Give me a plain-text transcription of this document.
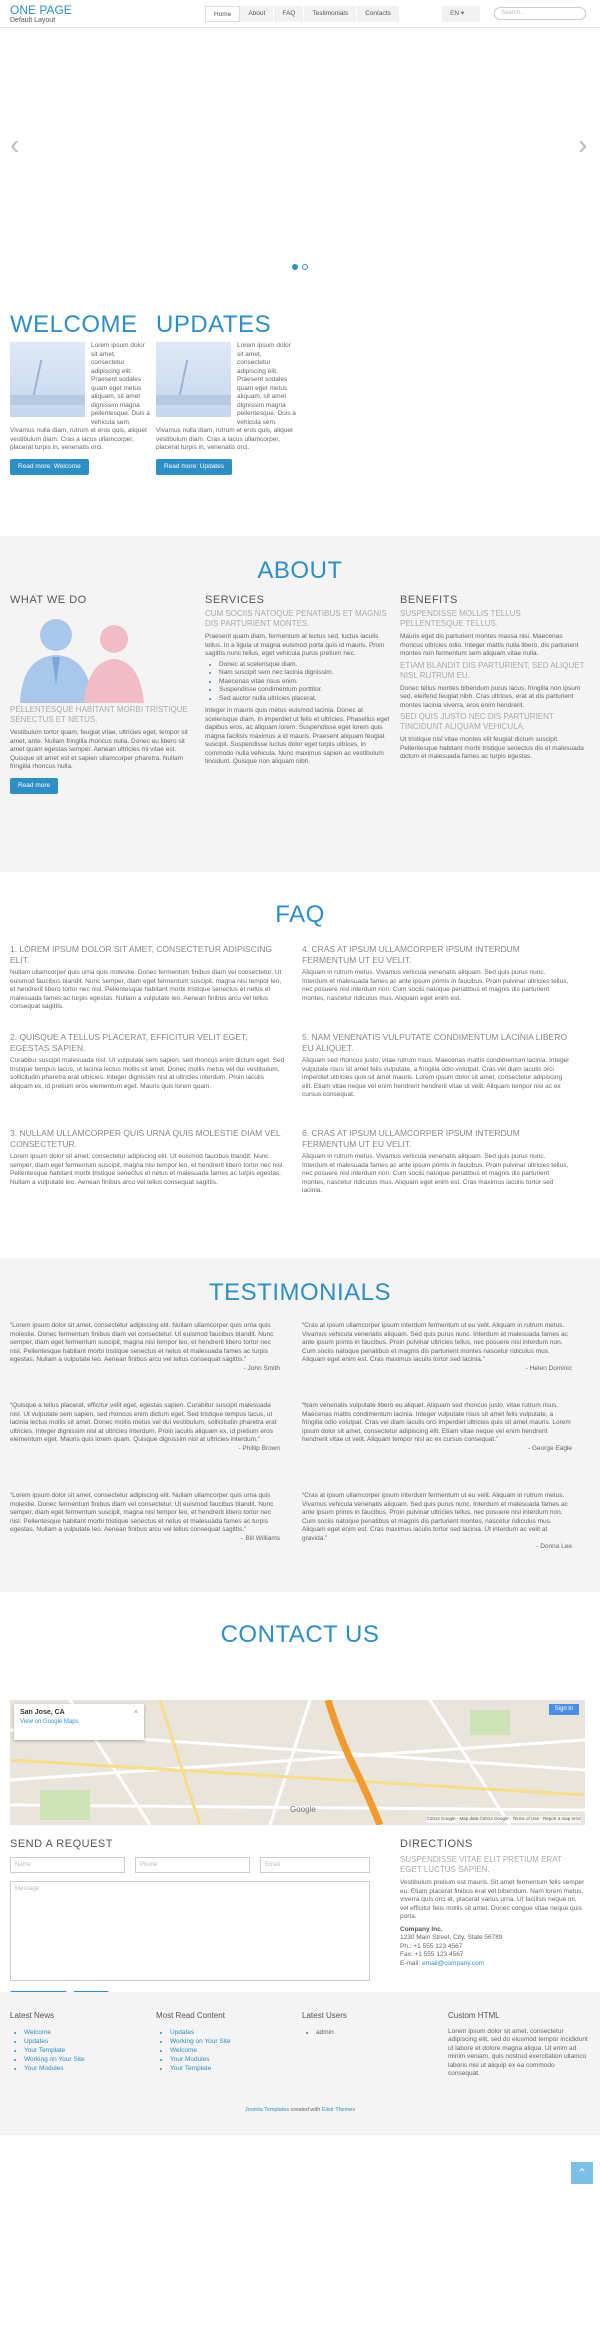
ONE PAGE
Default Layout
Home	About	FAQ	Testimonials	Contacts	EN ▾	Search...
‹	›
WELCOME
Lorem ipsum dolor sit amet, consectetur adipiscing elit. Praesent sodales quam eget metus aliquam, sit amet dignissim magna pellentesque. Duis a vehicula sem. Vivamus nulla diam, rutrum et eros quis, aliquet vestibulum diam. Cras a lacus ullamcorper, placerat turpis in, venenatis orci.
Read more: Welcome
UPDATES
Lorem ipsum dolor sit amet, consectetur adipiscing elit. Praesent sodales quam eget metus aliquam, sit amet dignissim magna pellentesque. Duis a vehicula sem. Vivamus nulla diam, rutrum et eros quis, aliquet vestibulum diam. Cras a lacus ullamcorper, placerat turpis in, venenatis orci.
Read more: Updates
ABOUT
WHAT WE DO
PELLENTESQUE HABITANT MORBI TRISTIQUE SENECTUS ET NETUS.
Vestibulum tortor quam, feugiat vitae, ultricies eget, tempor sit amet, ante. Nullam fringilla rhoncus nulla. Donec eu libero sit amet quam egestas semper. Aenean ultricies mi vitae est. Quisque sit amet est et sapien ullamcorper pharetra. Nullam fringilla rhoncus nulla.
Read more
SERVICES
CUM SOCIIS NATOQUE PENATIBUS ET MAGNIS DIS PARTURIENT MONTES.
Praesent quam diam, fermentum at lectus sed, luctus iaculis tellus. In a ligula ut magna euismod porta quis id mauris. Proin sagittis nunc tellus, eget vehicula purus pretium nec.
• Donec at scelerisque diam.
• Nam suscipit sem nec lacinia dignissim.
• Maecenas vitae risus enim.
• Suspendisse condimentum porttitor.
• Sed auctor nulla ultricies placerat.
Integer in mauris quis metus euismod lacinia. Donec at scelerisque diam. In imperdiet ut felis et ultricies. Phasellus eget dapibus eros, ac aliquam lorem. Suspendisse eget lorem quis magna facilisis maximus a id mauris. Praesent aliquam feugiat suscipit. Suspendisse luctus dolor eget turpis ultrices, in commodo nulla vehicula. Nunc maximus sapien ac vestibulum tincidunt. Quisque non aliquam nibh.
BENEFITS
SUSPENDISSE MOLLIS TELLUS PELLENTESQUE TELLUS.
Mauris eget dis parturient montes massa nisi. Maecenas rhoncus ultricies odio. Integer mattis nulla libero, dis parturient montes non fermentum sem aliquam vitae nulla.
ETIAM BLANDIT DIS PARTURIENT, SED ALIQUET NISL RUTRUM EU.
Donec tellus montes bibendum purus lacus, fringilla non ipsum sed, eleifend feugiat nibh. Cras ultrices, erat at dis parturient montes lacinia viverra, eros enim hendrerit.
SED QUIS JUSTO NEC DIS PARTURIENT TINCIDUNT ALIQUAM VEHICULA.
Ut tristique nisl vitae montes elit feugiat dictum suscipit. Pellentesque habitant morbi tristique senectus dis et malesuada dictum et malesuada fames ac turpis egestas.
FAQ
1. LOREM IPSUM DOLOR SIT AMET, CONSECTETUR ADIPISCING ELIT.
Nullam ullamcorper quis urna quis molestie. Donec fermentum finibus diam vel consectetur. Ut euismod faucibus blandit. Nunc semper, diam eget fermentum suscipit, magna nisi tempor leo, et hendrerit libero tortor nec nisl. Pellentesque habitant morbi tristique senectus et netus et malesuada fames ac turpis egestas. Nullam a vulputate leo. Aenean finibus arcu vel tellus consequat sagittis.
2. QUISQUE A TELLUS PLACERAT, EFFICITUR VELIT EGET, EGESTAS SAPIEN.
Curabitur suscipit malesuada nisl. Ut vulputate sem sapien, sed rhoncus enim dictum eget. Sed tristique tempus lacus, ut lacinia lectus mollis sit amet. Donec mollis metus vel dui vestibulum, sollicitudin pharetra erat ultricies. Integer dignissim nisl at ultricies interdum. Proin iaculis aliquam ex, id pretium eros elementum eget. Mauris quis lorem quam.
3. NULLAM ULLAMCORPER QUIS URNA QUIS MOLESTIE DIAM VEL CONSECTETUR.
Lorem ipsum dolor sit amet, consectetur adipiscing elit. Ut euismod faucibus blandit. Nunc semper, diam eget fermentum suscipit, magna nisi tempor leo, et hendrerit libero tortor nec nisl. Pellentesque habitant morbi tristique senectus et netus et malesuada fames ac turpis egestas. Nullam a vulputate leo. Aenean finibus arcu vel tellus consequat sagittis.
4. CRAS AT IPSUM ULLAMCORPER IPSUM INTERDUM FERMENTUM UT EU VELIT.
Aliquam in rutrum metus. Vivamus vehicula venenatis aliquam. Sed quis purus nunc. Interdum et malesuada fames ac ante ipsum primis in faucibus. Proin pulvinar ultricies tellus, nec posuere nisl interdum non. Cum sociis natoque penatibus et magnis dis parturient montes, nascetur ridiculus mus. Aliquam eget enim est.
5. NAM VENENATIS VULPUTATE CONDIMENTUM LACINIA LIBERO EU ALIQUET.
Aliquam sed rhoncus justo, vitae rutrum risus. Maecenas mattis condimentum lacinia. Integer vulputate risus sit amet felis vulputate, a fringilla odio volutpat. Cras vel diam iaculis orci imperdiet ultricies quis sit amet mauris. Lorem ipsum dolor sit amet, consectetur adipiscing elit. Etiam vitae neque vel enim hendrerit hendrerit vitae ut velit. Aliquam tempor nisl ac ex cursus consequat.
6. CRAS AT IPSUM ULLAMCORPER IPSUM INTERDUM FERMENTUM UT EU VELIT.
Aliquam in rutrum metus. Vivamus vehicula venenatis aliquam. Sed quis purus nunc. Interdum et malesuada fames ac ante ipsum primis in faucibus. Proin pulvinar ultricies tellus, nec posuere nisl interdum non. Cum sociis natoque penatibus et magnis dis parturient montes, nascetur ridiculus mus. Aliquam eget enim est. Cras maximus iaculis tortor sed lacinia.
TESTIMONIALS
“Lorem ipsum dolor sit amet, consectetur adipiscing elit. Nullam ullamcorper quis urna quis molestie. Donec fermentum finibus diam vel consectetur. Ut euismod faucibus blandit. Nunc semper, diam eget fermentum suscipit, magna nisi tempor leo, et hendrerit libero tortor nec nisl. Pellentesque habitant morbi tristique senectus et netus et malesuada fames ac turpis egestas. Nullam a vulputate leo. Aenean finibus arcu vel tellus consequat sagittis.”
- John Smith
“Quisque a tellus placerat, efficitur velit eget, egestas sapien. Curabitur suscipit malesuada nisl. Ut vulputate sem sapien, sed rhoncus enim dictum eget. Sed tristique tempus lacus, ut lacinia lectus mollis sit amet. Donec mollis metus vel dui vestibulum, sollicitudin pharetra erat ultricies. Integer dignissim nisl at ultricies interdum. Proin iaculis aliquam ex, id pretium eros elementum eget. Mauris quis lorem quam. Quisque dignissim nisl at ultricies interdum.”
- Phillip Brown
“Lorem ipsum dolor sit amet, consectetur adipiscing elit. Nullam ullamcorper quis urna quis molestie. Donec fermentum finibus diam vel consectetur. Ut euismod faucibus blandit. Nunc semper, diam eget fermentum suscipit, magna nisi tempor leo, et hendrerit libero tortor nec nisl. Pellentesque habitant morbi tristique senectus et netus et malesuada fames ac turpis egestas. Nullam a vulputate leo. Aenean finibus arcu vel tellus consequat sagittis.”
- Bill Williams
“Cras at ipsum ullamcorper ipsum interdum fermentum ut eu velit. Aliquam in rutrum metus. Vivamus vehicula venenatis aliquam. Sed quis purus nunc. Interdum et malesuada fames ac ante ipsum primis in faucibus. Proin pulvinar ultricies tellus, nec posuere nisl interdum non. Cum sociis natoque penatibus et magnis dis parturient montes nascetur ridiculus mus. Aliquam eget enim est. Cras maximus iaculis tortor sed lacinia.”
- Helen Dominic
“Nam venenatis vulputate libero eu aliquet. Aliquam sed rhoncus justo, vitae rutrum risus. Maecenas mattis condimentum lacinia. Integer vulputate risus sit amet felis vulputate, a fringilla odio volutpat. Cras vel diam iaculis orci imperdiet ultricies quis sit amet mauris. Lorem ipsum dolor sit amet, consectetur adipiscing elit. Etiam vitae neque vel enim hendrerit hendrerit vitae ut velit. Aliquam tempor nisl ac ex cursus consequat.”
- George Eagle
“Cras at ipsum ullamcorper ipsum interdum fermentum ut eu velit. Aliquam in rutrum metus. Vivamus vehicula venenatis aliquam. Sed quis purus nunc. Interdum et malesuada fames ac ante ipsum primis in faucibus. Proin pulvinar ultricies tellus, nec posuere nisl interdum non. Cum sociis natoque penatibus et magnis dis parturient montes, nascetur ridiculus mus. Aliquam eget enim est. Cras maximus iaculis tortor sed lacinia. Ut interdum ac velit at gravida.”
- Donna Lee
CONTACT US
San Jose, CA
View on Google Maps
×	Sign in
Google
©2014 Google - Map data ©2014 Google · Terms of Use · Report a map error
SEND A REQUEST
Name	Phone	Email
Message
DIRECTIONS
SUSPENDISSE VITAE ELIT PRETIUM ERAT EGET LUCTUS SAPIEN.
Vestibulum pretium est mauris. Sit amet fermentum felis semper eu. Etiam placerat finibus erat vel bibendum. Nam lorem metus, viverra quis orci et, placerat varius urna. Ut facilisis neque mi, vel efficitur felis mollis sit amet. Donec congue vitae neque quis porta.
Company Inc.
1230 Main Street, City, State 56789
Ph.: +1 555 123 4567
Fax: +1 555 123 4567
E-mail: email@company.com
Latest News
• Welcome
• Updates
• Your Template
• Working on Your Site
• Your Modules
Most Read Content
• Updates
• Working on Your Site
• Welcome
• Your Modules
• Your Template
Latest Users
• admin
Custom HTML
Lorem ipsum dolor sit amet, consectetur adipiscing elit, sed do eiusmod tempor incididunt ut labore et dolore magna aliqua. Ut enim ad minim veniam, quis nostrud exercitation ullamco laboris nisi ut aliquip ex ea commodo consequat.
Joomla Templates created with Elixir Themes
⌃
